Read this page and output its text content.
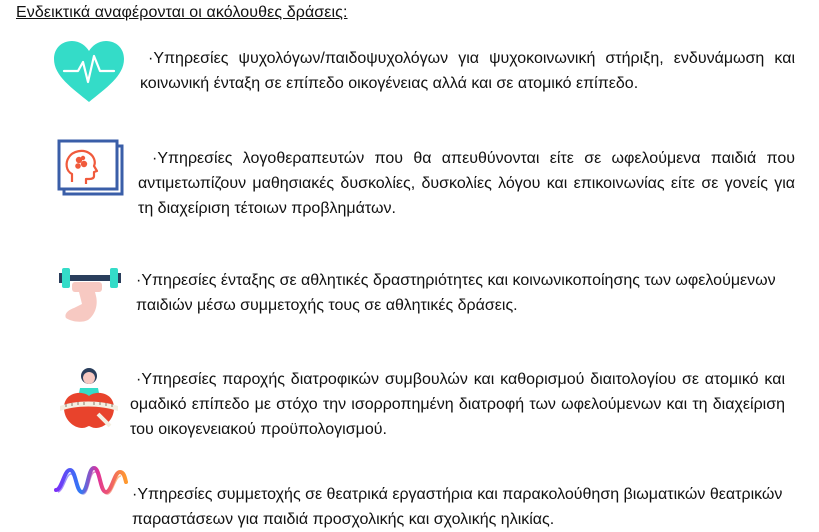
Ενδεικτικά αναφέρονται οι ακόλουθες δράσεις:
·Υπηρεσίες ψυχολόγων/παιδοψυχολόγων για ψυχοκοινωνική στήριξη, ενδυνάμωση και κοινωνική ένταξη σε επίπεδο οικογένειας αλλά και σε ατομικό επίπεδο.
·Υπηρεσίες λογοθεραπευτών που θα απευθύνονται είτε σε ωφελούμενα παιδιά που αντιμετωπίζουν μαθησιακές δυσκολίες, δυσκολίες λόγου και επικοινωνίας είτε σε γονείς για τη διαχείριση τέτοιων προβλημάτων.
·Υπηρεσίες ένταξης σε αθλητικές δραστηριότητες και κοινωνικοποίησης των ωφελούμενων παιδιών μέσω συμμετοχής τους σε αθλητικές δράσεις.
·Υπηρεσίες παροχής διατροφικών συμβουλών και καθορισμού διαιτολογίου σε ατομικό και ομαδικό επίπεδο με στόχο την ισορροπημένη διατροφή των ωφελούμενων και τη διαχείριση του οικογενειακού προϋπολογισμού.
·Υπηρεσίες συμμετοχής σε θεατρικά εργαστήρια και παρακολούθηση βιωματικών θεατρικών παραστάσεων για παιδιά προσχολικής και σχολικής ηλικίας.
